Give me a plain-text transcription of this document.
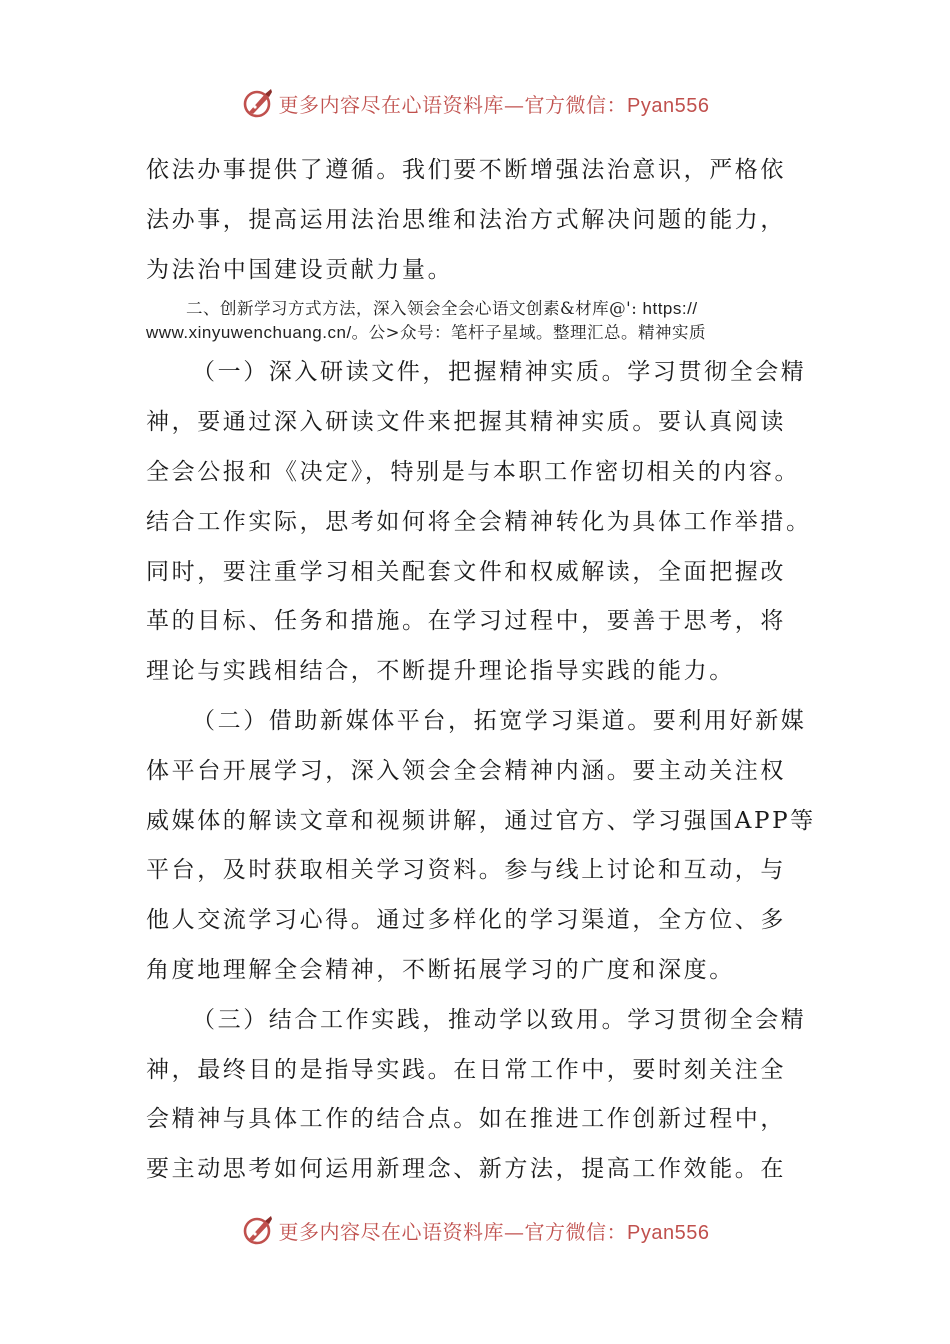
更多内容尽在心语资料库—官方微信：Pyan556
依法办事提供了遵循。我们要不断增强法治意识，严格依
法办事，提高运用法治思维和法治方式解决问题的能力，
为法治中国建设贡献力量。
二、创新学习方式方法，深入领会全会心语文创素&材库@': https://
www.xinyuwenchuang.cn/。公>众号：笔杆子星域。整理汇总。精神实质
（一）深入研读文件，把握精神实质。学习贯彻全会精
神，要通过深入研读文件来把握其精神实质。要认真阅读
全会公报和《决定》，特别是与本职工作密切相关的内容。
结合工作实际，思考如何将全会精神转化为具体工作举措。
同时，要注重学习相关配套文件和权威解读，全面把握改
革的目标、任务和措施。在学习过程中，要善于思考，将
理论与实践相结合，不断提升理论指导实践的能力。
（二）借助新媒体平台，拓宽学习渠道。要利用好新媒
体平台开展学习，深入领会全会精神内涵。要主动关注权
威媒体的解读文章和视频讲解，通过官方、学习强国APP等
平台，及时获取相关学习资料。参与线上讨论和互动，与
他人交流学习心得。通过多样化的学习渠道，全方位、多
角度地理解全会精神，不断拓展学习的广度和深度。
（三）结合工作实践，推动学以致用。学习贯彻全会精
神，最终目的是指导实践。在日常工作中，要时刻关注全
会精神与具体工作的结合点。如在推进工作创新过程中，
要主动思考如何运用新理念、新方法，提高工作效能。在
更多内容尽在心语资料库—官方微信：Pyan556
